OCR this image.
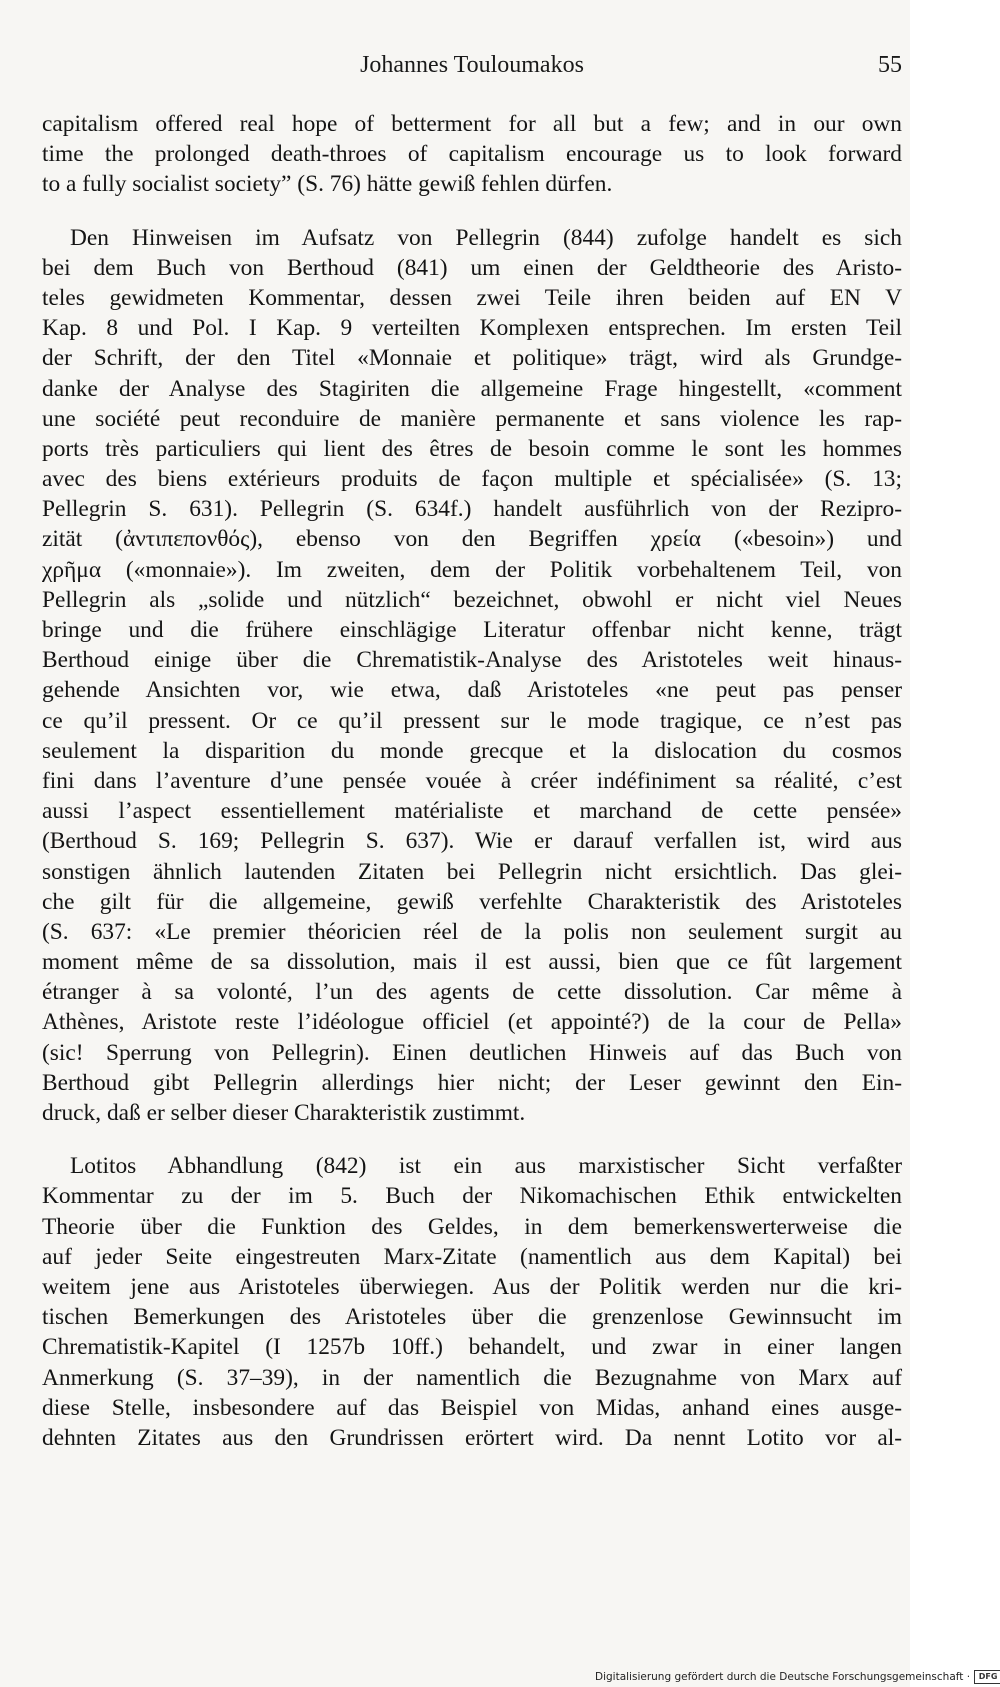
Johannes Touloumakos	55
capitalism offered real hope of betterment for all but a few; and in our own
time the prolonged death-throes of capitalism encourage us to look forward
to a fully socialist society” (S. 76) hätte gewiß fehlen dürfen.
Den Hinweisen im Aufsatz von Pellegrin (844) zufolge handelt es sich
bei dem Buch von Berthoud (841) um einen der Geldtheorie des Aristo-
teles gewidmeten Kommentar, dessen zwei Teile ihren beiden auf EN V
Kap. 8 und Pol. I Kap. 9 verteilten Komplexen entsprechen. Im ersten Teil
der Schrift, der den Titel «Monnaie et politique» trägt, wird als Grundge-
danke der Analyse des Stagiriten die allgemeine Frage hingestellt, «comment
une société peut reconduire de manière permanente et sans violence les rap-
ports très particuliers qui lient des êtres de besoin comme le sont les hommes
avec des biens extérieurs produits de façon multiple et spécialisée» (S. 13;
Pellegrin S. 631). Pellegrin (S. 634f.) handelt ausführlich von der Rezipro-
zität (ἀντιπεπονθός), ebenso von den Begriffen χρεία («besoin») und
χρῆμα («monnaie»). Im zweiten, dem der Politik vorbehaltenem Teil, von
Pellegrin als „solide und nützlich“ bezeichnet, obwohl er nicht viel Neues
bringe und die frühere einschlägige Literatur offenbar nicht kenne, trägt
Berthoud einige über die Chrematistik-Analyse des Aristoteles weit hinaus-
gehende Ansichten vor, wie etwa, daß Aristoteles «ne peut pas penser
ce qu’il pressent. Or ce qu’il pressent sur le mode tragique, ce n’est pas
seulement la disparition du monde grecque et la dislocation du cosmos
fini dans l’aventure d’une pensée vouée à créer indéfiniment sa réalité, c’est
aussi l’aspect essentiellement matérialiste et marchand de cette pensée»
(Berthoud S. 169; Pellegrin S. 637). Wie er darauf verfallen ist, wird aus
sonstigen ähnlich lautenden Zitaten bei Pellegrin nicht ersichtlich. Das glei-
che gilt für die allgemeine, gewiß verfehlte Charakteristik des Aristoteles
(S. 637: «Le premier théoricien réel de la polis non seulement surgit au
moment même de sa dissolution, mais il est aussi, bien que ce fût largement
étranger à sa volonté, l’un des agents de cette dissolution. Car même à
Athènes, Aristote reste l’idéologue officiel (et appointé?) de la cour de Pella»
(sic! Sperrung von Pellegrin). Einen deutlichen Hinweis auf das Buch von
Berthoud gibt Pellegrin allerdings hier nicht; der Leser gewinnt den Ein-
druck, daß er selber dieser Charakteristik zustimmt.
Lotitos Abhandlung (842) ist ein aus marxistischer Sicht verfaßter
Kommentar zu der im 5. Buch der Nikomachischen Ethik entwickelten
Theorie über die Funktion des Geldes, in dem bemerkenswerterweise die
auf jeder Seite eingestreuten Marx-Zitate (namentlich aus dem Kapital) bei
weitem jene aus Aristoteles überwiegen. Aus der Politik werden nur die kri-
tischen Bemerkungen des Aristoteles über die grenzenlose Gewinnsucht im
Chrematistik-Kapitel (I 1257b 10ff.) behandelt, und zwar in einer langen
Anmerkung (S. 37–39), in der namentlich die Bezugnahme von Marx auf
diese Stelle, insbesondere auf das Beispiel von Midas, anhand eines ausge-
dehnten Zitates aus den Grundrissen erörtert wird. Da nennt Lotito vor al-
Digitalisierung gefördert durch die Deutsche Forschungsgemeinschaft ·	DFG
